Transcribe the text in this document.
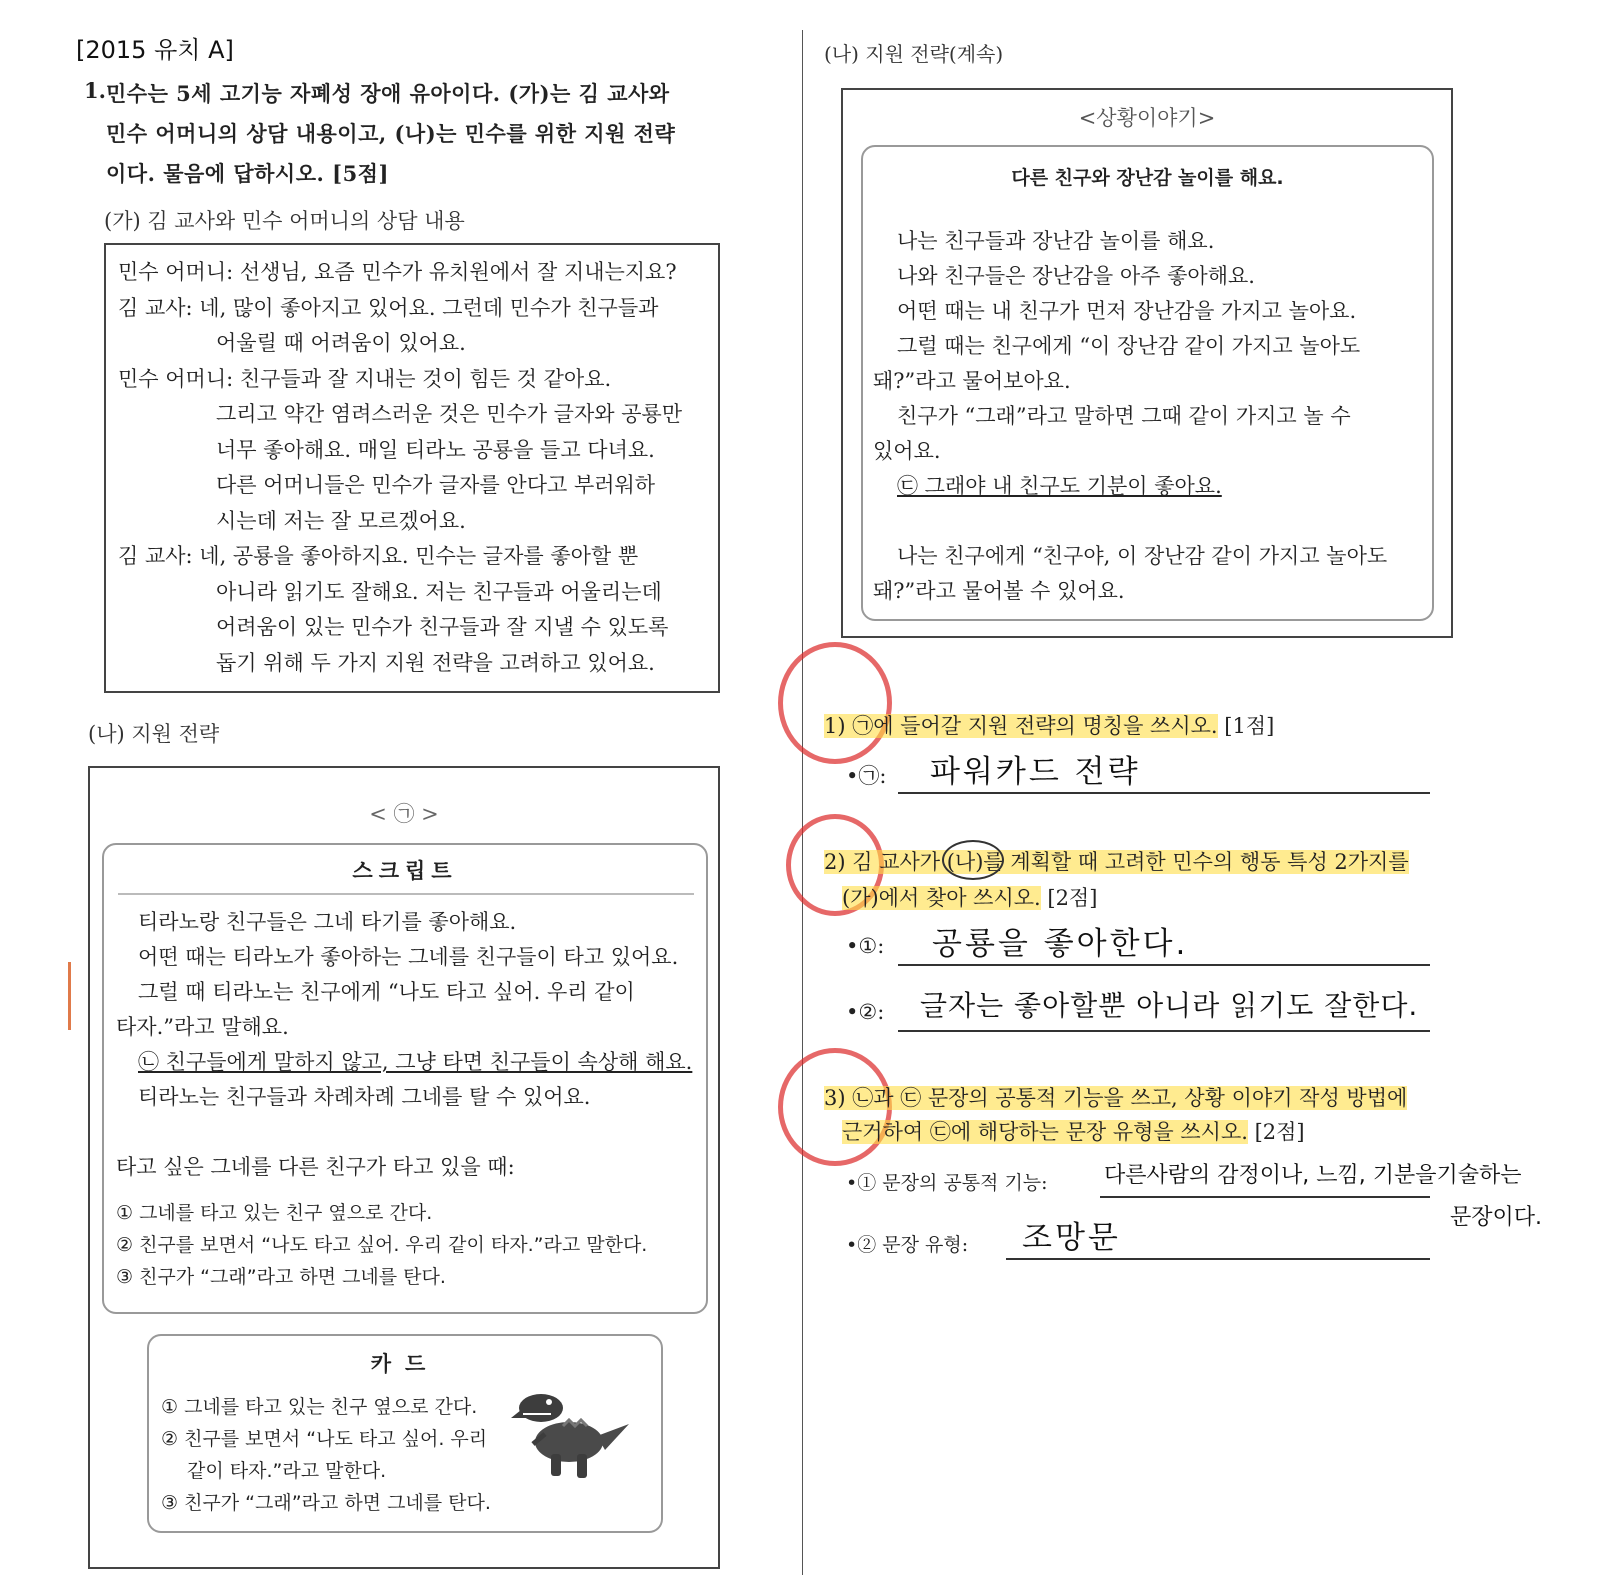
[2015 유치 A]
1. 민수는 5세 고기능 자폐성 장애 유아이다. (가)는 김 교사와
민수 어머니의 상담 내용이고, (나)는 민수를 위한 지원 전략
이다. 물음에 답하시오. [5점]
(가) 김 교사와 민수 어머니의 상담 내용
민수 어머니: 선생님, 요즘 민수가 유치원에서 잘 지내는지요?
김 교사: 네, 많이 좋아지고 있어요. 그런데 민수가 친구들과
어울릴 때 어려움이 있어요.
민수 어머니: 친구들과 잘 지내는 것이 힘든 것 같아요.
그리고 약간 염려스러운 것은 민수가 글자와 공룡만
너무 좋아해요. 매일 티라노 공룡을 들고 다녀요.
다른 어머니들은 민수가 글자를 안다고 부러워하
시는데 저는 잘 모르겠어요.
김 교사: 네, 공룡을 좋아하지요. 민수는 글자를 좋아할 뿐
아니라 읽기도 잘해요. 저는 친구들과 어울리는데
어려움이 있는 민수가 친구들과 잘 지낼 수 있도록
돕기 위해 두 가지 지원 전략을 고려하고 있어요.
(나) 지원 전략
< ㉠ >
스크립트
티라노랑 친구들은 그네 타기를 좋아해요.
어떤 때는 티라노가 좋아하는 그네를 친구들이 타고 있어요.
그럴 때 티라노는 친구에게 “나도 타고 싶어. 우리 같이
타자.”라고 말해요.
㉡ 친구들에게 말하지 않고, 그냥 타면 친구들이 속상해 해요.
티라노는 친구들과 차례차례 그네를 탈 수 있어요.
타고 싶은 그네를 다른 친구가 타고 있을 때:
① 그네를 타고 있는 친구 옆으로 간다.
② 친구를 보면서 “나도 타고 싶어. 우리 같이 타자.”라고 말한다.
③ 친구가 “그래”라고 하면 그네를 탄다.
카드
① 그네를 타고 있는 친구 옆으로 간다.
② 친구를 보면서 “나도 타고 싶어. 우리
같이 타자.”라고 말한다.
③ 친구가 “그래”라고 하면 그네를 탄다.
(나) 지원 전략(계속)
<상황이야기>
다른 친구와 장난감 놀이를 해요.
나는 친구들과 장난감 놀이를 해요.
나와 친구들은 장난감을 아주 좋아해요.
어떤 때는 내 친구가 먼저 장난감을 가지고 놀아요.
그럴 때는 친구에게 “이 장난감 같이 가지고 놀아도
돼?”라고 물어보아요.
친구가 “그래”라고 말하면 그때 같이 가지고 놀 수
있어요.
㉢ 그래야 내 친구도 기분이 좋아요.
나는 친구에게 “친구야, 이 장난감 같이 가지고 놀아도
돼?”라고 물어볼 수 있어요.
1) ㉠에 들어갈 지원 전략의 명칭을 쓰시오. [1점]
•㉠: 파워카드 전략
2) 김 교사가 (나)를 계획할 때 고려한 민수의 행동 특성 2가지를
(가)에서 찾아 쓰시오. [2점]
•①: 공룡을 좋아한다.
•②: 글자는 좋아할뿐 아니라 읽기도 잘한다.
3) ㉡과 ㉢ 문장의 공통적 기능을 쓰고, 상황 이야기 작성 방법에
근거하여 ㉢에 해당하는 문장 유형을 쓰시오. [2점]
•① 문장의 공통적 기능:	다른사람의 감정이나, 느낌, 기분을기술하는
문장이다.
•② 문장 유형: 조망문
